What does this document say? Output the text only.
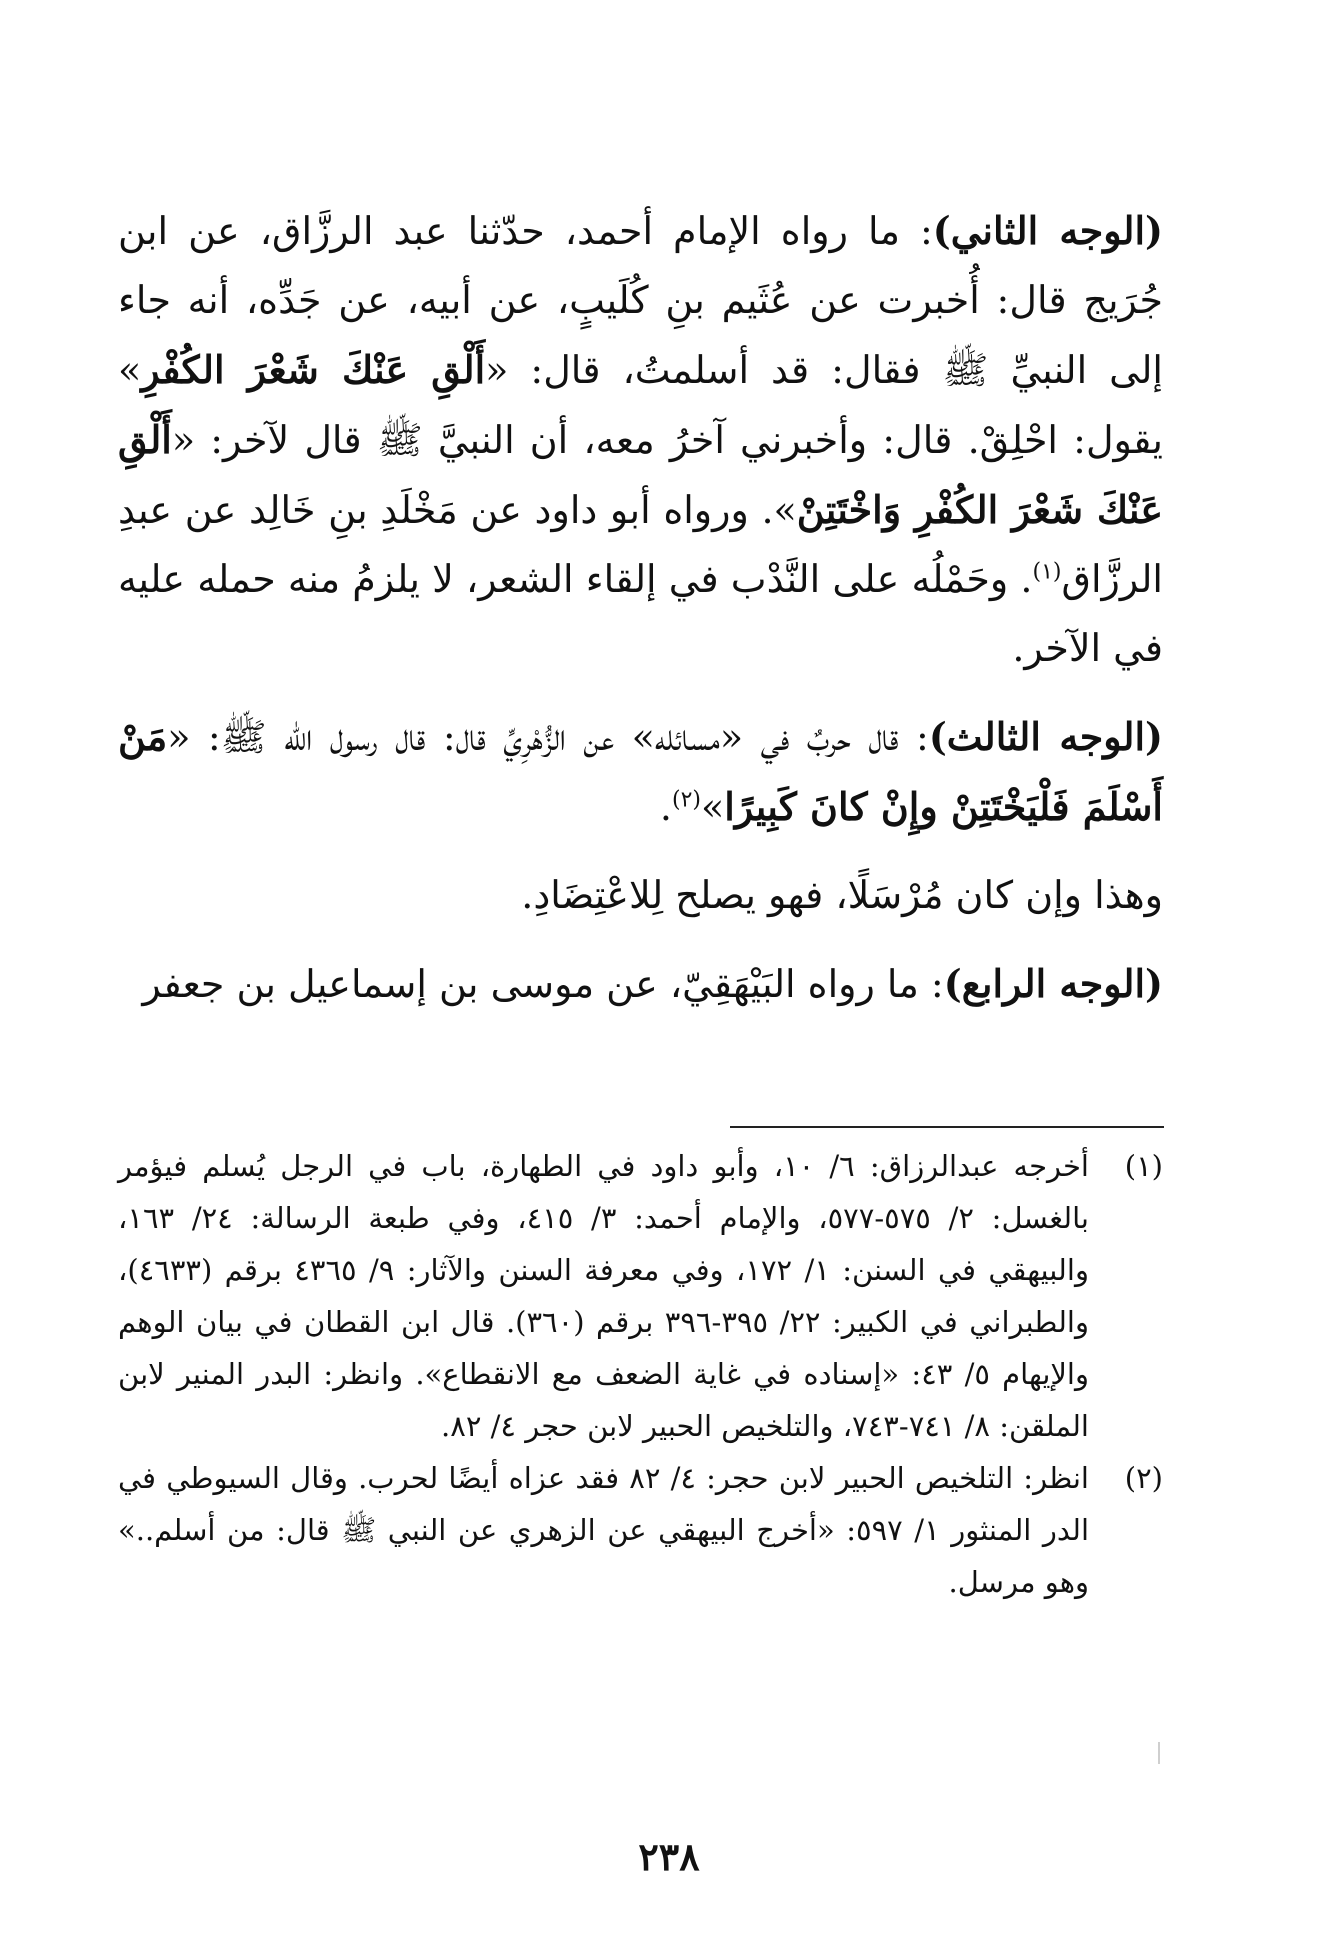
(الوجه الثاني): ما رواه الإمام أحمد، حدّثنا عبد الرزَّاق، عن ابن جُرَيج قال: أُخبرت عن عُثَيم بنِ كُلَيبٍ، عن أبيه، عن جَدِّه، أنه جاء إلى النبيِّ ﷺ فقال: قد أسلمتُ، قال: «أَلْقِ عَنْكَ شَعْرَ الكُفْرِ» يقول: احْلِقْ. قال: وأخبرني آخرُ معه، أن النبيَّ ﷺ قال لآخر: «أَلْقِ عَنْكَ شَعْرَ الكُفْرِ وَاخْتَتِنْ». ورواه أبو داود عن مَخْلَدِ بنِ خَالِد عن عبدِ الرزَّاق$^{(١)}$. وحَمْلُه على النَّدْب في إلقاء الشعر، لا يلزمُ منه حمله عليه في الآخر.

(الوجه الثالث): قال حربٌ في «مسائله» عن الزُّهْرِيِّ قال: قال رسول الله ﷺ: «مَنْ أَسْلَمَ فَلْيَخْتَتِنْ وإِنْ كانَ كَبِيرًا»$^{(٢)}$.

وهذا وإن كان مُرْسَلًا، فهو يصلح لِلاعْتِضَادِ.

(الوجه الرابع): ما رواه البَيْهَقِيّ، عن موسى بن إسماعيل بن جعفر

(١)

أخرجه عبدالرزاق: ٦/ ١٠، وأبو داود في الطهارة، باب في الرجل يُسلم فيؤمر بالغسل: ٢/ ٥٧٥-٥٧٧، والإمام أحمد: ٣/ ٤١٥، وفي طبعة الرسالة: ٢٤/ ١٦٣، والبيهقي في السنن: ١/ ١٧٢، وفي معرفة السنن والآثار: ٩/ ٤٣٦٥ برقم (٤٦٣٣)، والطبراني في الكبير: ٢٢/ ٣٩٥-٣٩٦ برقم (٣٦٠). قال ابن القطان في بيان الوهم والإيهام ٥/ ٤٣: «إسناده في غاية الضعف مع الانقطاع». وانظر: البدر المنير لابن الملقن: ٨/ ٧٤١-٧٤٣، والتلخيص الحبير لابن حجر ٤/ ٨٢.

(٢)

انظر: التلخيص الحبير لابن حجر: ٤/ ٨٢ فقد عزاه أيضًا لحرب. وقال السيوطي في الدر المنثور ١/ ٥٩٧: «أخرج البيهقي عن الزهري عن النبي ﷺ قال: من أسلم..» وهو مرسل.

٢٣٨
